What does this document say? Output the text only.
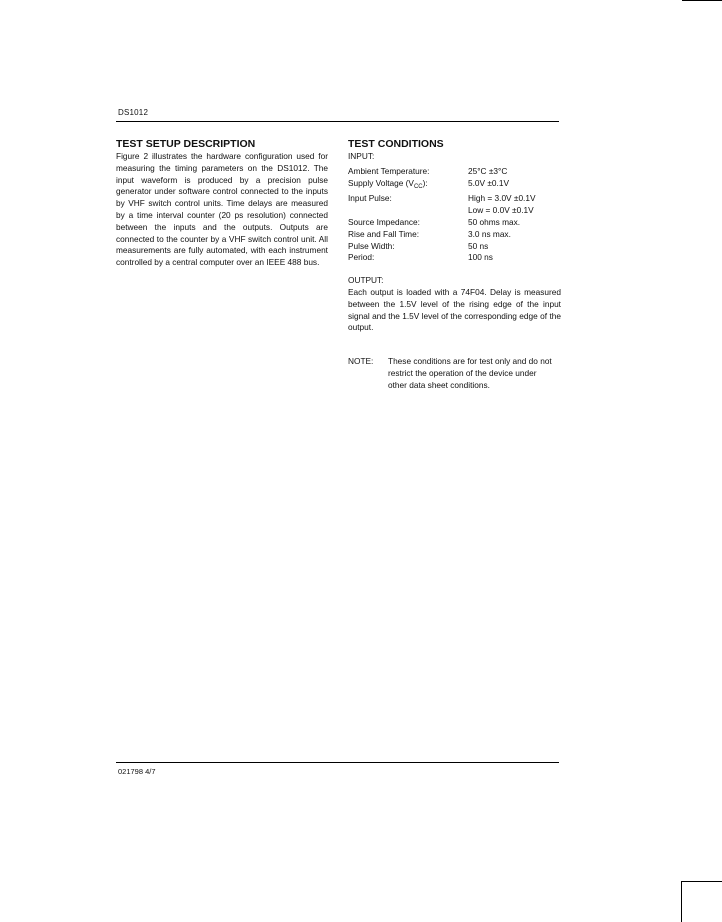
DS1012
TEST SETUP DESCRIPTION

Figure 2 illustrates the hardware configuration used for measuring the timing parameters on the DS1012. The input waveform is produced by a precision pulse generator under software control connected to the inputs by VHF switch control units. Time delays are measured by a time interval counter (20 ps resolution) connected between the inputs and the outputs. Outputs are connected to the counter by a VHF switch control unit. All measurements are fully automated, with each instrument controlled by a central computer over an IEEE 488 bus.

TEST CONDITIONS
INPUT:
Ambient Temperature:	25°C ±3°C
Supply Voltage $(V_{CC})$:	5.0V ±0.1V
Input Pulse:	High = 3.0V ±0.1V
Low = 0.0V ±0.1V
Source Impedance:	50 ohms max.
Rise and Fall Time:	3.0 ns max.
Pulse Width:	50 ns
Period:	100 ns
OUTPUT:

Each output is loaded with a 74F04. Delay is measured between the 1.5V level of the rising edge of the input signal and the 1.5V level of the corresponding edge of the output.

NOTE:	These conditions are for test only and do not restrict the operation of the device under other data sheet conditions.
021798 4/7
